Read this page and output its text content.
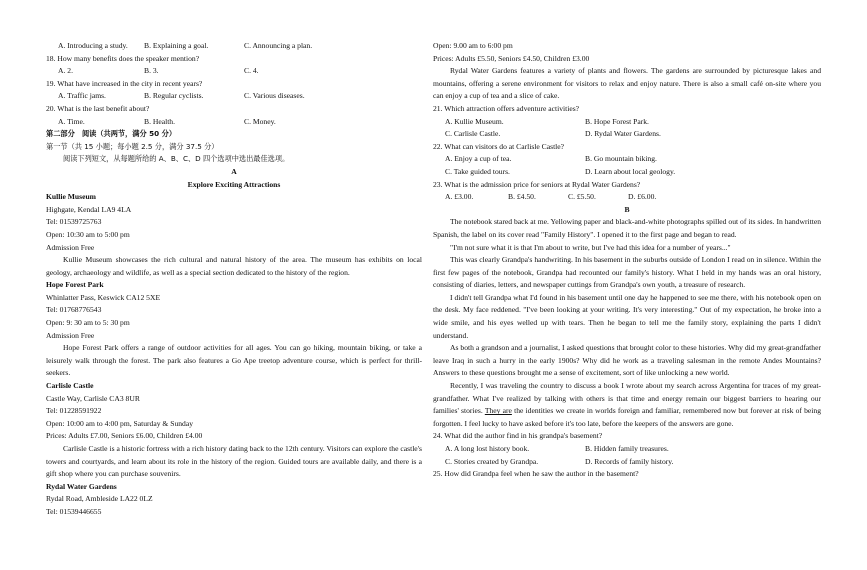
A. Introducing a study.	B. Explaining a goal.	C. Announcing a plan.
18. How many benefits does the speaker mention?
A. 2.	B. 3.	C. 4.
19. What have increased in the city in recent years?
A. Traffic jams.	B. Regular cyclists.	C. Various diseases.
20. What is the last benefit about?
A. Time.	B. Health.	C. Money.
第二部分　阅读（共两节，满分 50 分）
第一节（共 15 小题；每小题 2.5 分，满分 37.5 分）
阅读下列短文，从每题所给的 A、B、C、D 四个选项中选出最佳选项。
A
Explore Exciting Attractions
Kullie Museum
Highgate, Kendal LA9 4LA
Tel: 01539725763
Open: 10:30 am to 5:00 pm
Admission Free
Kullie Museum showcases the rich cultural and natural history of the area. The museum has exhibits on local geology, archaeology and wildlife, as well as a special section dedicated to the history of the region.
Hope Forest Park
Whinlatter Pass, Keswick CA12 5XE
Tel: 01768776543
Open: 9: 30 am to 5: 30 pm
Admission Free
Hope Forest Park offers a range of outdoor activities for all ages. You can go hiking, mountain biking, or take a leisurely walk through the forest. The park also features a Go Ape treetop adventure course, which is perfect for thrill-seekers.
Carlisle Castle
Castle Way, Carlisle CA3 8UR
Tel: 01228591922
Open: 10:00 am to 4:00 pm, Saturday & Sunday
Prices: Adults £7.00, Seniors £6.00, Children £4.00
Carlisle Castle is a historic fortress with a rich history dating back to the 12th century. Visitors can explore the castle's towers and courtyards, and learn about its role in the history of the region. Guided tours are available daily, and there is a gift shop where you can purchase souvenirs.
Rydal Water Gardens
Rydal Road, Ambleside LA22 0LZ
Tel: 01539446655
Open: 9.00 am to 6:00 pm
Prices: Adults £5.50, Seniors £4.50, Children £3.00
Rydal Water Gardens features a variety of plants and flowers. The gardens are surrounded by picturesque lakes and mountains, offering a serene environment for visitors to relax and enjoy nature. There is also a small café on-site where you can enjoy a cup of tea and a slice of cake.
21. Which attraction offers adventure activities?
A. Kullie Museum.	B. Hope Forest Park.
C. Carlisle Castle.	D. Rydal Water Gardens.
22. What can visitors do at Carlisle Castle?
A. Enjoy a cup of tea.	B. Go mountain biking.
C. Take guided tours.	D. Learn about local geology.
23. What is the admission price for seniors at Rydal Water Gardens?
A. £3.00.	B. £4.50.	C. £5.50.	D. £6.00.
B
The notebook stared back at me. Yellowing paper and black-and-white photographs spilled out of its sides. In handwritten Spanish, the label on its cover read "Family History". I opened it to the first page and began to read.
"I'm not sure what it is that I'm about to write, but I've had this idea for a number of years..."
This was clearly Grandpa's handwriting. In his basement in the suburbs outside of London I read on in silence. Within the first few pages of the notebook, Grandpa had recounted our family's history. What I held in my hands was an oral history, consisting of diaries, letters, and newspaper cuttings from Grandpa's own youth, a treasure of research.
I didn't tell Grandpa what I'd found in his basement until one day he happened to see me there, with his notebook open on the desk. My face reddened. "I've been looking at your writing. It's very interesting." Out of my expectation, he broke into a wide smile, and his eyes welled up with tears. Then he began to tell me the family story, explaining the parts I didn't understand.
As both a grandson and a journalist, I asked questions that brought color to these histories. Why did my great-grandfather leave Iraq in such a hurry in the early 1900s? Why did he work as a traveling salesman in the remote Andes Mountains? Answers to these questions brought me a sense of excitement, sort of like unlocking a new world.
Recently, I was traveling the country to discuss a book I wrote about my search across Argentina for traces of my great-grandfather. What I've realized by talking with others is that time and energy remain our biggest barriers to hearing our families' stories. They are the identities we create in worlds foreign and familiar, remembered now but forever at risk of being forgotten. I feel lucky to have asked before it's too late, before the keepers of the answers are gone.
24. What did the author find in his grandpa's basement?
A. A long lost history book.	B. Hidden family treasures.
C. Stories created by Grandpa.	D. Records of family history.
25. How did Grandpa feel when he saw the author in the basement?
